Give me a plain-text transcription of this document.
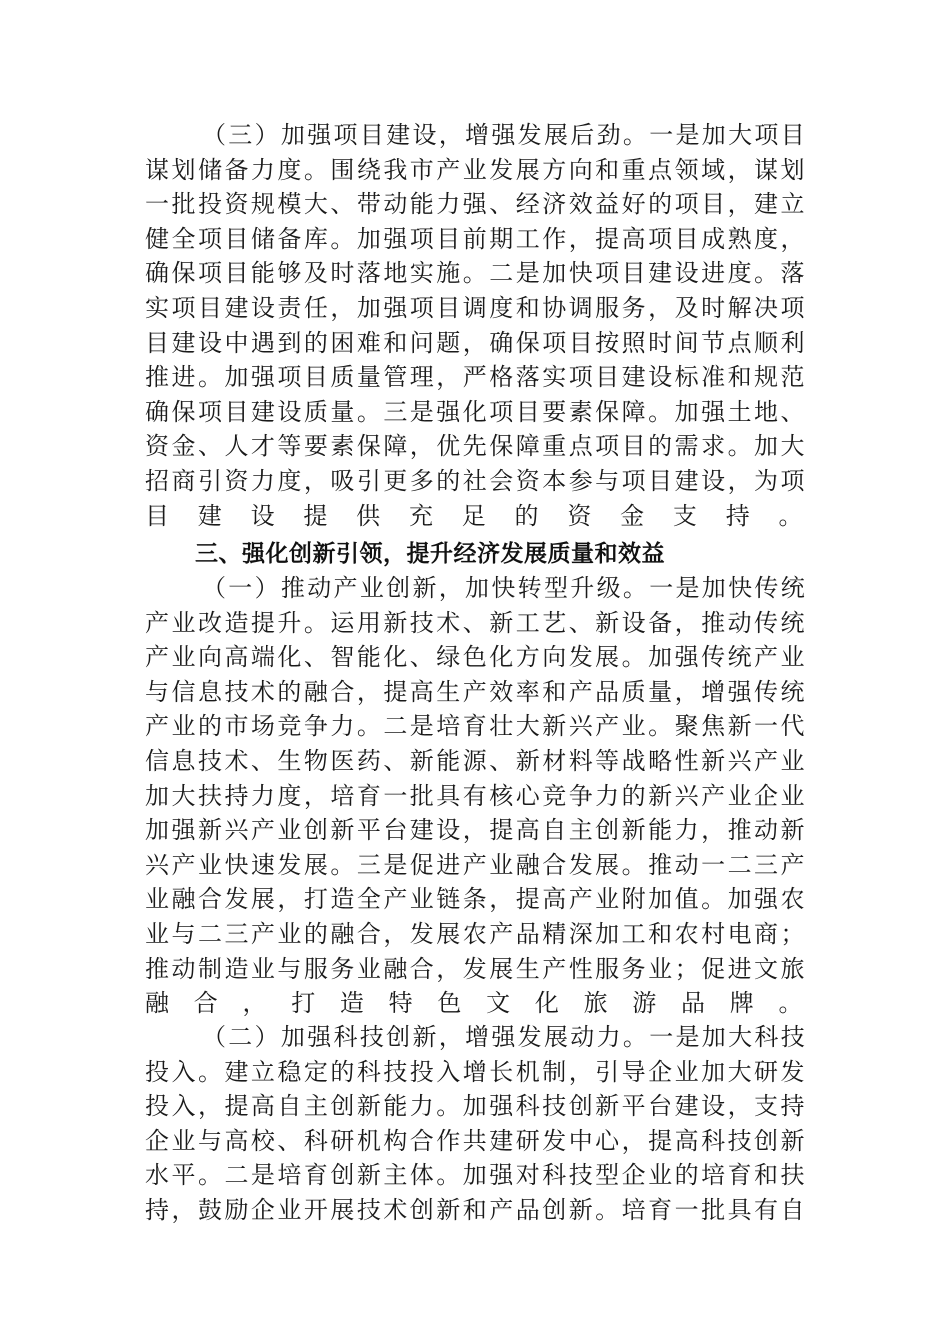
（三）加强项目建设，增强发展后劲。一是加大项目
谋划储备力度。围绕我市产业发展方向和重点领域，谋划
一批投资规模大、带动能力强、经济效益好的项目，建立
健全项目储备库。加强项目前期工作，提高项目成熟度，
确保项目能够及时落地实施。二是加快项目建设进度。落
实项目建设责任，加强项目调度和协调服务，及时解决项
目建设中遇到的困难和问题，确保项目按照时间节点顺利
推进。加强项目质量管理，严格落实项目建设标准和规范
确保项目建设质量。三是强化项目要素保障。加强土地、
资金、人才等要素保障，优先保障重点项目的需求。加大
招商引资力度，吸引更多的社会资本参与项目建设，为项
目建设提供充足的资金支持。
三、强化创新引领，提升经济发展质量和效益
（一）推动产业创新，加快转型升级。一是加快传统
产业改造提升。运用新技术、新工艺、新设备，推动传统
产业向高端化、智能化、绿色化方向发展。加强传统产业
与信息技术的融合，提高生产效率和产品质量，增强传统
产业的市场竞争力。二是培育壮大新兴产业。聚焦新一代
信息技术、生物医药、新能源、新材料等战略性新兴产业
加大扶持力度，培育一批具有核心竞争力的新兴产业企业
加强新兴产业创新平台建设，提高自主创新能力，推动新
兴产业快速发展。三是促进产业融合发展。推动一二三产
业融合发展，打造全产业链条，提高产业附加值。加强农
业与二三产业的融合，发展农产品精深加工和农村电商；
推动制造业与服务业融合，发展生产性服务业；促进文旅
融合，打造特色文化旅游品牌。
（二）加强科技创新，增强发展动力。一是加大科技
投入。建立稳定的科技投入增长机制，引导企业加大研发
投入，提高自主创新能力。加强科技创新平台建设，支持
企业与高校、科研机构合作共建研发中心，提高科技创新
水平。二是培育创新主体。加强对科技型企业的培育和扶
持，鼓励企业开展技术创新和产品创新。培育一批具有自
